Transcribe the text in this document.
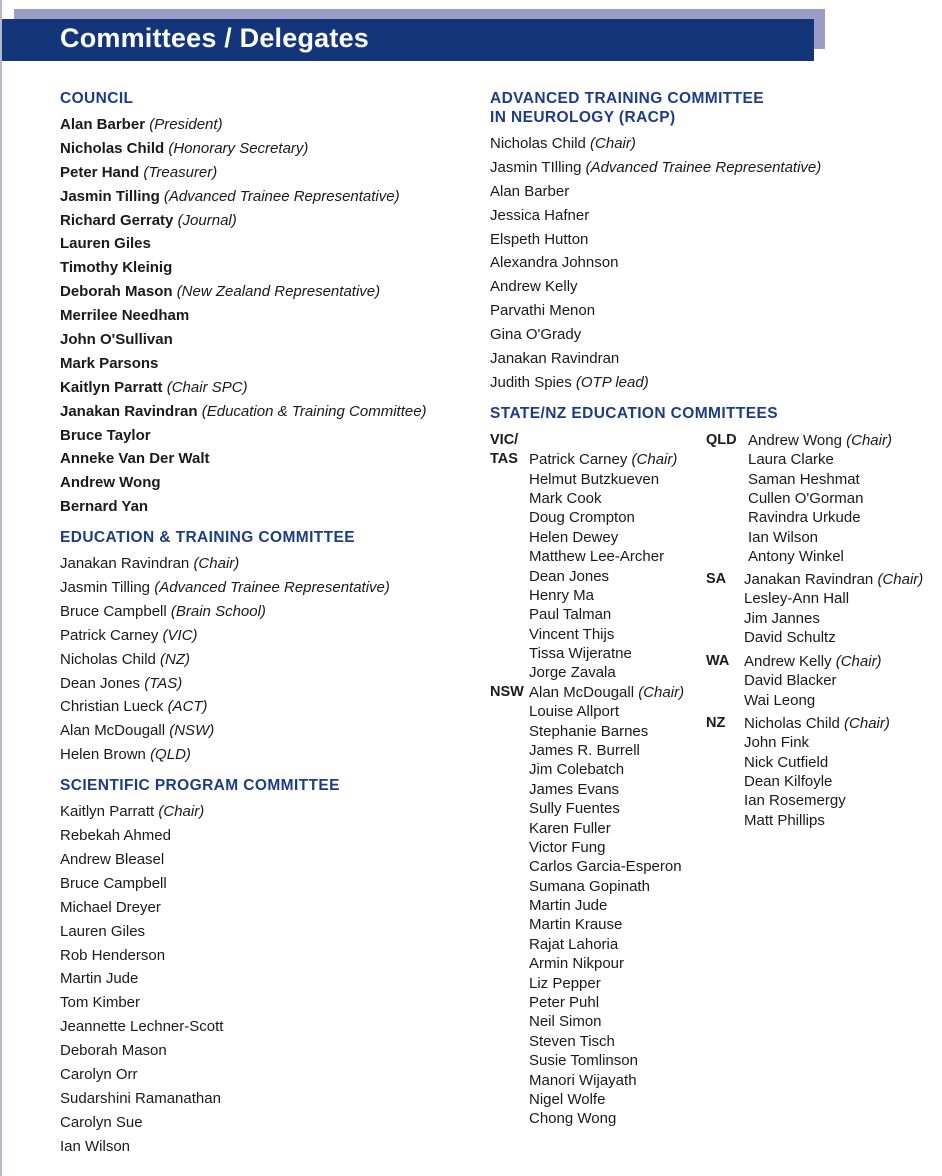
Committees / Delegates
COUNCIL
Alan Barber (President)
Nicholas Child (Honorary Secretary)
Peter Hand (Treasurer)
Jasmin Tilling (Advanced Trainee Representative)
Richard Gerraty (Journal)
Lauren Giles
Timothy Kleinig
Deborah Mason (New Zealand Representative)
Merrilee Needham
John O'Sullivan
Mark Parsons
Kaitlyn Parratt (Chair SPC)
Janakan Ravindran (Education & Training Committee)
Bruce Taylor
Anneke Van Der Walt
Andrew Wong
Bernard Yan
EDUCATION & TRAINING COMMITTEE
Janakan Ravindran (Chair)
Jasmin Tilling (Advanced Trainee Representative)
Bruce Campbell (Brain School)
Patrick Carney (VIC)
Nicholas Child (NZ)
Dean Jones (TAS)
Christian Lueck (ACT)
Alan McDougall (NSW)
Helen Brown (QLD)
SCIENTIFIC PROGRAM COMMITTEE
Kaitlyn Parratt (Chair)
Rebekah Ahmed
Andrew Bleasel
Bruce Campbell
Michael Dreyer
Lauren Giles
Rob Henderson
Martin Jude
Tom Kimber
Jeannette Lechner-Scott
Deborah Mason
Carolyn Orr
Sudarshini Ramanathan
Carolyn Sue
Ian Wilson
ADVANCED TRAINING COMMITTEE
IN NEUROLOGY (RACP)
Nicholas Child (Chair)
Jasmin TIlling (Advanced Trainee Representative)
Alan Barber
Jessica Hafner
Elspeth Hutton
Alexandra Johnson
Andrew Kelly
Parvathi Menon
Gina O'Grady
Janakan Ravindran
Judith Spies (OTP lead)
STATE/NZ EDUCATION COMMITTEES
VIC/ TAS Patrick Carney (Chair)
Helmut Butzkueven
Mark Cook
Doug Crompton
Helen Dewey
Matthew Lee-Archer
Dean Jones
Henry Ma
Paul Talman
Vincent Thijs
Tissa Wijeratne
Jorge Zavala
NSW Alan McDougall (Chair)
Louise Allport
Stephanie Barnes
James R. Burrell
Jim Colebatch
James Evans
Sully Fuentes
Karen Fuller
Victor Fung
Carlos Garcia-Esperon
Sumana Gopinath
Martin Jude
Martin Krause
Rajat Lahoria
Armin Nikpour
Liz Pepper
Peter Puhl
Neil Simon
Steven Tisch
Susie Tomlinson
Manori Wijayath
Nigel Wolfe
Chong Wong
QLD Andrew Wong (Chair)
Laura Clarke
Saman Heshmat
Cullen O'Gorman
Ravindra Urkude
Ian Wilson
Antony Winkel
SA Janakan Ravindran (Chair)
Lesley-Ann Hall
Jim Jannes
David Schultz
WA Andrew Kelly (Chair)
David Blacker
Wai Leong
NZ Nicholas Child (Chair)
John Fink
Nick Cutfield
Dean Kilfoyle
Ian Rosemergy
Matt Phillips
